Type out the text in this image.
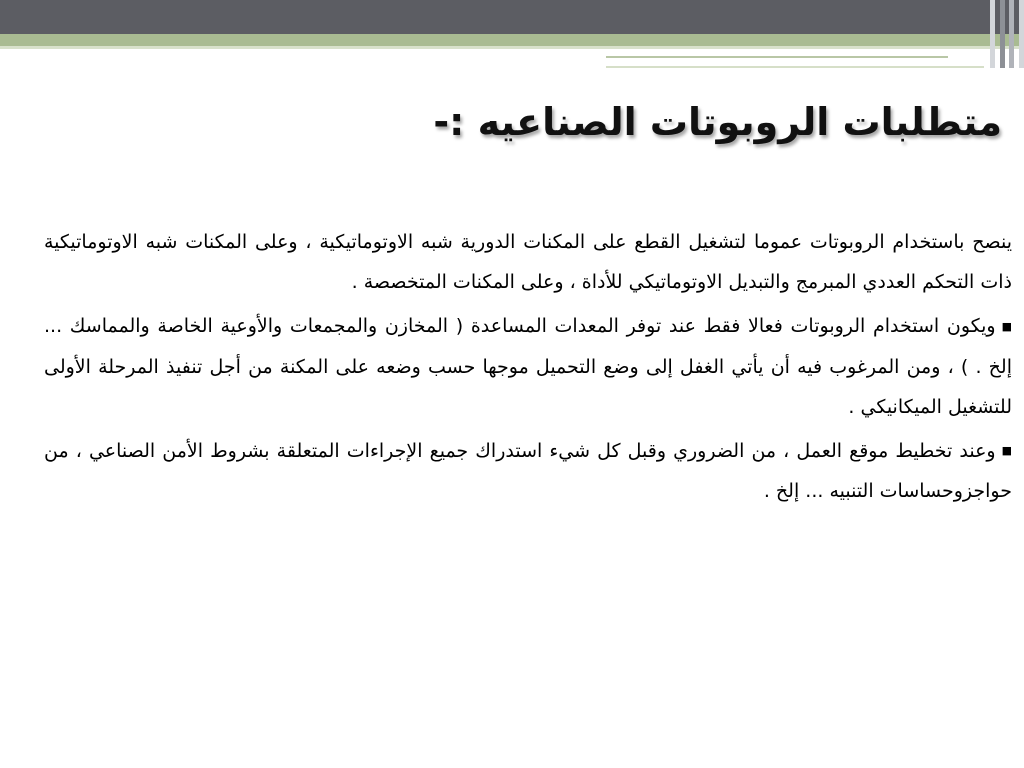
متطلبات الروبوتات الصناعيه :-

ينصح باستخدام الروبوتات عموما لتشغيل القطع على المكنات الدورية شبه الاوتوماتيكية ، وعلى المكنات شبه الاوتوماتيكية ذات التحكم العددي المبرمج والتبديل الاوتوماتيكي للأداة ، وعلى المكنات المتخصصة .

■ويكون استخدام الروبوتات فعالا فقط عند توفر المعدات المساعدة ( المخازن والمجمعات والأوعية الخاصة والمماسك ... إلخ . ) ، ومن المرغوب فيه أن يأتي الغفل إلى وضع التحميل موجها حسب وضعه على المكنة من أجل تنفيذ المرحلة الأولى للتشغيل الميكانيكي .

■وعند تخطيط موقع العمل ، من الضروري وقبل كل شيء استدراك جميع الإجراءات المتعلقة بشروط الأمن الصناعي ، من حواجزوحساسات التنبيه ... إلخ .
